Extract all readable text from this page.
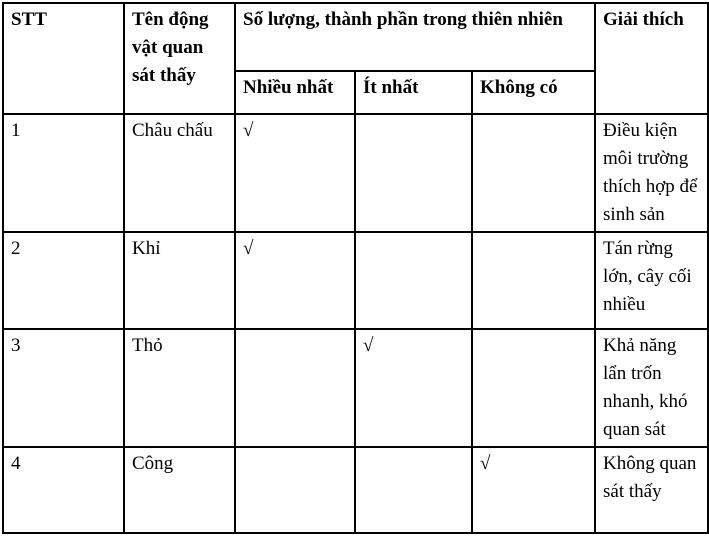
STT	Tên động vật quan sát thấy	Số lượng, thành phần trong thiên nhiên			Giải thích
		Nhiều nhất	Ít nhất	Không có	
1	Châu chấu	√			Điều kiện môi trường thích hợp để sinh sản
2	Khỉ	√			Tán rừng lớn, cây cối nhiều
3	Thỏ		√		Khả năng lẩn trốn nhanh, khó quan sát
4	Công			√	Không quan sát thấy
